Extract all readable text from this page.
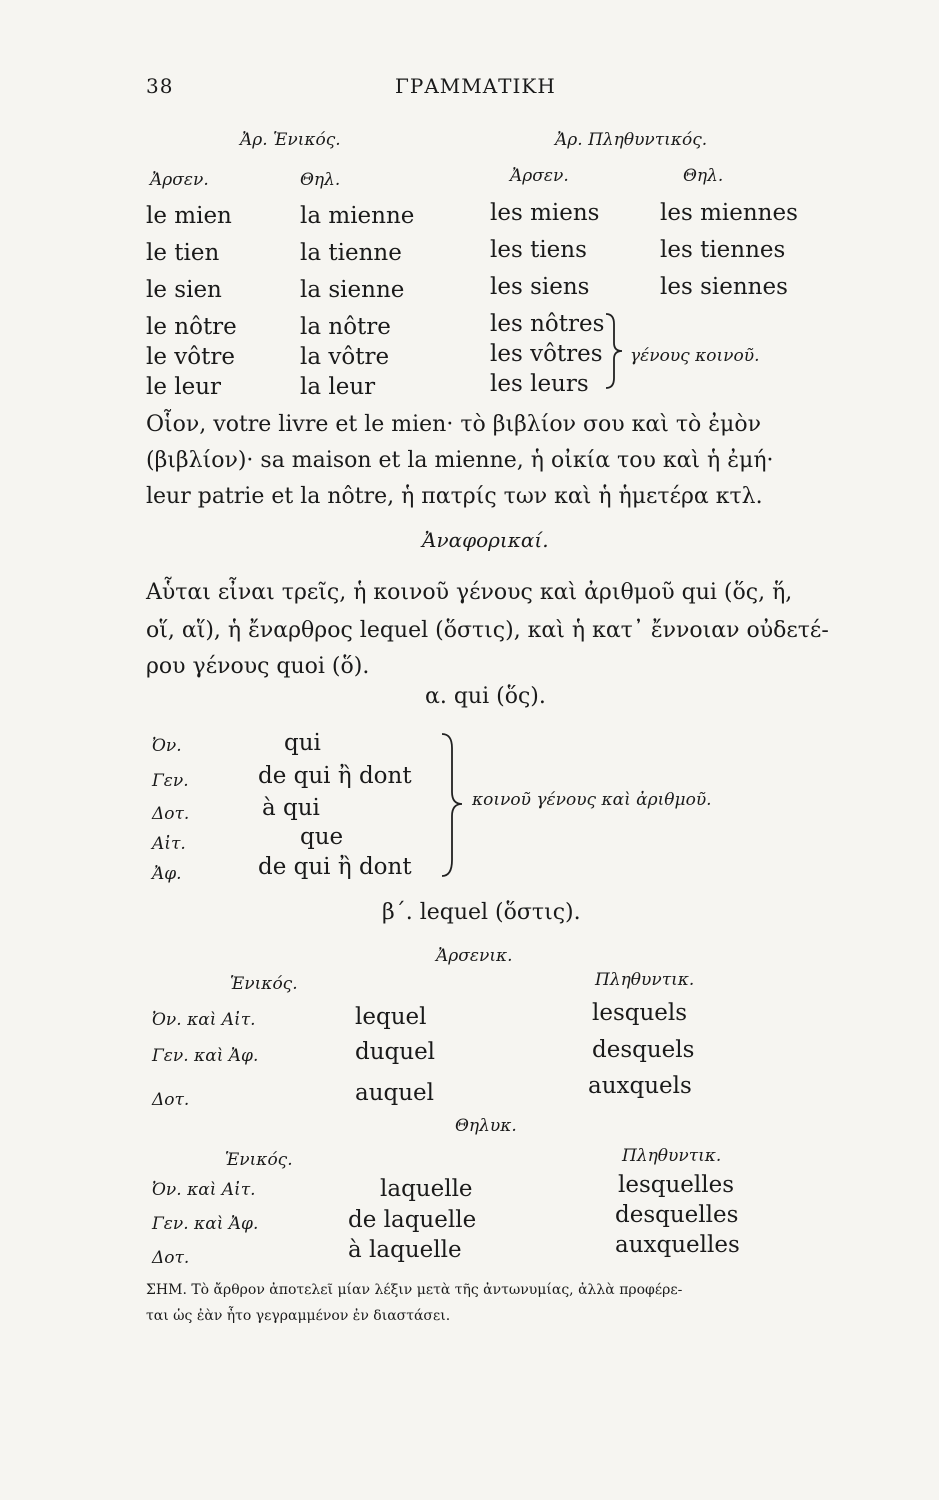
38	ΓΡΑΜΜΑΤΙΚΗ
Ἀρ. Ἑνικός.	Ἀρ. Πληθυντικός.
Ἀρσεν.	Θηλ.	Ἀρσεν.	Θηλ.
le mien	la mienne	les miens	les miennes
le tien	la tienne	les tiens	les tiennes
le sien	la sienne	les siens	les siennes
le nôtre	la nôtre	les nôtres
le vôtre	la vôtre	les vôtres
le leur	la leur	les leurs
γένους κοινοῦ.
Οἷον, votre livre et le mien· τὸ βιβλίον σου καὶ τὸ ἐμὸν
(βιβλίον)· sa maison et la mienne, ἡ οἰκία του καὶ ἡ ἐμή·
leur patrie et la nôtre, ἡ πατρίς των καὶ ἡ ἡμετέρα κτλ.
Ἀναφορικαί.
Αὗται εἶναι τρεῖς, ἡ κοινοῦ γένους καὶ ἀριθμοῦ qui (ὅς, ἥ,
οἵ, αἵ), ἡ ἔναρθρος lequel (ὅστις), καὶ ἡ κατ᾽ ἔννοιαν οὐδετέ-
ρου γένους quoi (ὅ).
α. qui (ὅς).
Ὀν.	qui
Γεν.	de qui ἢ dont
Δοτ.	à qui
Αἰτ.	que
Ἀφ.	de qui ἢ dont
κοινοῦ γένους καὶ ἀριθμοῦ.
β΄. lequel (ὅστις).
Ἀρσενικ.
Ἑνικός.	Πληθυντικ.
Ὀν. καὶ Αἰτ.	lequel	lesquels
Γεν. καὶ Ἀφ.	duquel	desquels
Δοτ.	auquel	auxquels
Θηλυκ.
Ἑνικός.	Πληθυντικ.
Ὀν. καὶ Αἰτ.	laquelle	lesquelles
Γεν. καὶ Ἀφ.	de laquelle	desquelles
Δοτ.	à laquelle	auxquelles
ΣΗΜ. Τὸ ἄρθρον ἀποτελεῖ μίαν λέξιν μετὰ τῆς ἀντωνυμίας, ἀλλὰ προφέρε-
ται ὡς ἐὰν ἦτο γεγραμμένον ἐν διαστάσει.
